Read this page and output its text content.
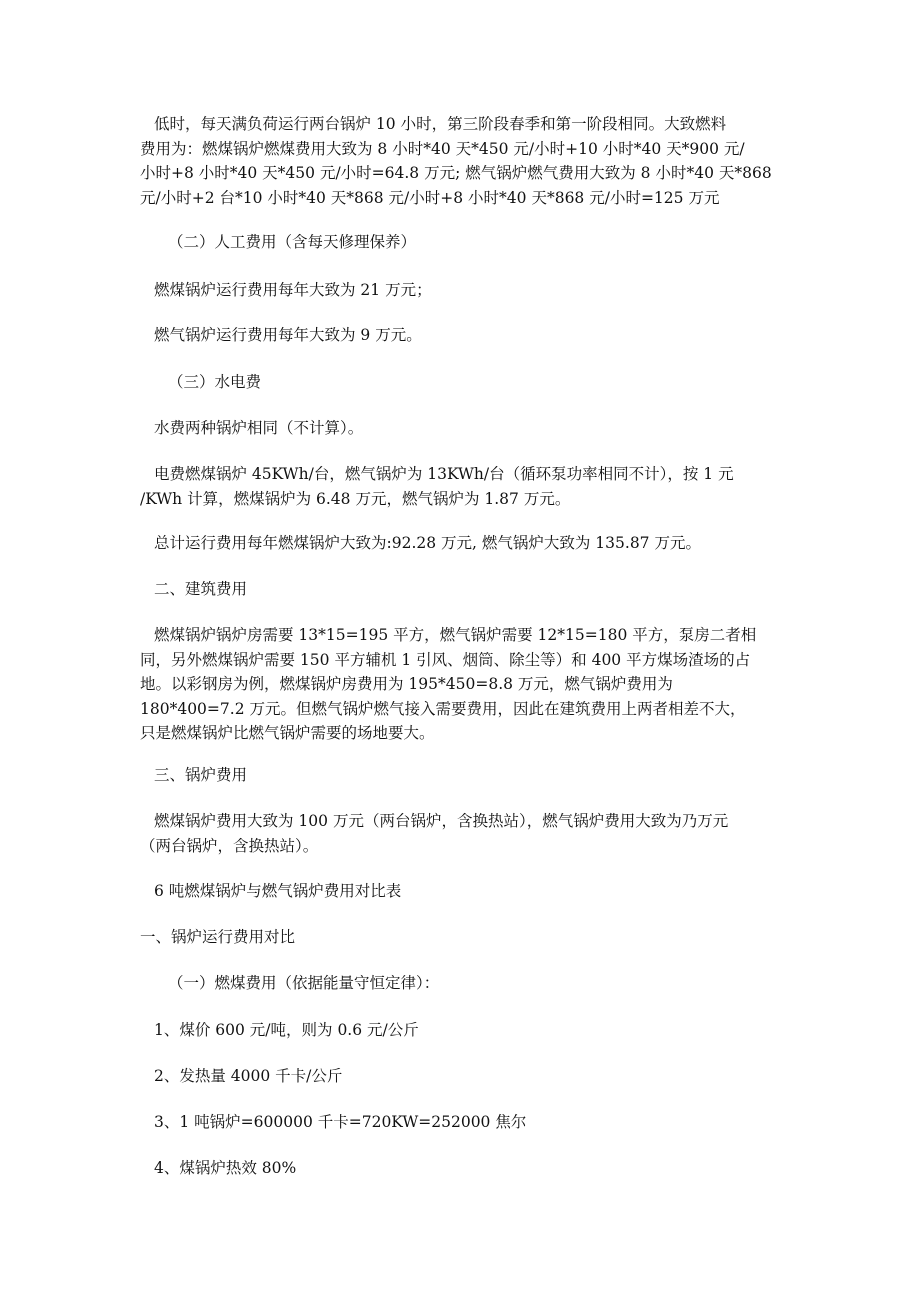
低时，每天满负荷运行两台锅炉 10 小时，第三阶段春季和第一阶段相同。大致燃料
费用为：燃煤锅炉燃煤费用大致为 8 小时*40 天*450 元/小时+10 小时*40 天*900 元/
小时+8 小时*40 天*450 元/小时=64.8 万元; 燃气锅炉燃气费用大致为 8 小时*40 天*868
元/小时+2 台*10 小时*40 天*868 元/小时+8 小时*40 天*868 元/小时=125 万元
（二）人工费用（含每天修理保养）
燃煤锅炉运行费用每年大致为 21 万元；
燃气锅炉运行费用每年大致为 9 万元。
（三）水电费
水费两种锅炉相同（不计算）。
电费燃煤锅炉 45KWh/台，燃气锅炉为 13KWh/台（循环泵功率相同不计），按 1 元
/KWh 计算，燃煤锅炉为 6.48 万元，燃气锅炉为 1.87 万元。
总计运行费用每年燃煤锅炉大致为:92.28 万元, 燃气锅炉大致为 135.87 万元。
二、建筑费用
燃煤锅炉锅炉房需要 13*15=195 平方，燃气锅炉需要 12*15=180 平方，泵房二者相
同，另外燃煤锅炉需要 150 平方辅机 1 引风、烟筒、除尘等）和 400 平方煤场渣场的占
地。以彩钢房为例，燃煤锅炉房费用为 195*450=8.8 万元，燃气锅炉费用为
180*400=7.2 万元。但燃气锅炉燃气接入需要费用，因此在建筑费用上两者相差不大，
只是燃煤锅炉比燃气锅炉需要的场地要大。
三、锅炉费用
燃煤锅炉费用大致为 100 万元（两台锅炉，含换热站），燃气锅炉费用大致为乃万元
（两台锅炉，含换热站）。
6 吨燃煤锅炉与燃气锅炉费用对比表
一、锅炉运行费用对比
（一）燃煤费用（依据能量守恒定律）：
1、煤价 600 元/吨，则为 0.6 元/公斤
2、发热量 4000 千卡/公斤
3、1 吨锅炉=600000 千卡=720KW=252000 焦尔
4、煤锅炉热效 80%
